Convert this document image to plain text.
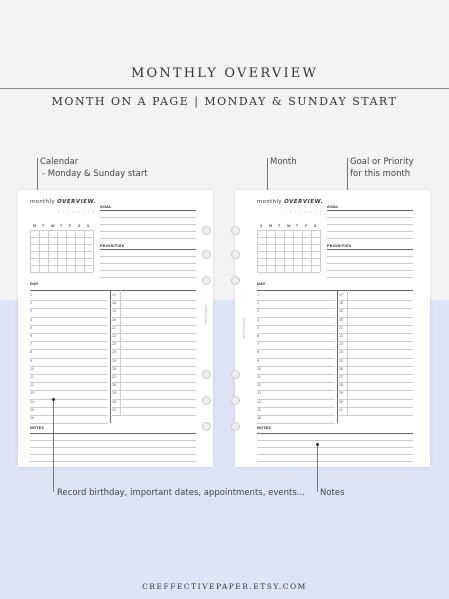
MONTHLY OVERVIEW
MONTH ON A PAGE | MONDAY & SUNDAY START
Calendar
- Monday & Sunday start
Month	Goal or Priority
for this month
monthly OVERVIEW.
GOAL
PRIORITIES
DAY
NOTES
creffectivepaper
M T W T F S S
1
2
3
4
5
6
7
8
9
10
11
12
13
14
15
16
17
18
19
20
21
22
23
24
25
26
27
28
29
30
31
monthly OVERVIEW.
GOAL
PRIORITIES
DAY
NOTES
creffectivepaper
S M T W T F S
1
2
3
4
5
6
7
8
9
10
11
12
13
14
15
16
17
18
19
20
21
22
23
24
25
26
27
28
29
30
31
Record birthday, important dates, appointments, events... Notes
CREFFECTIVEPAPER.ETSY.COM
